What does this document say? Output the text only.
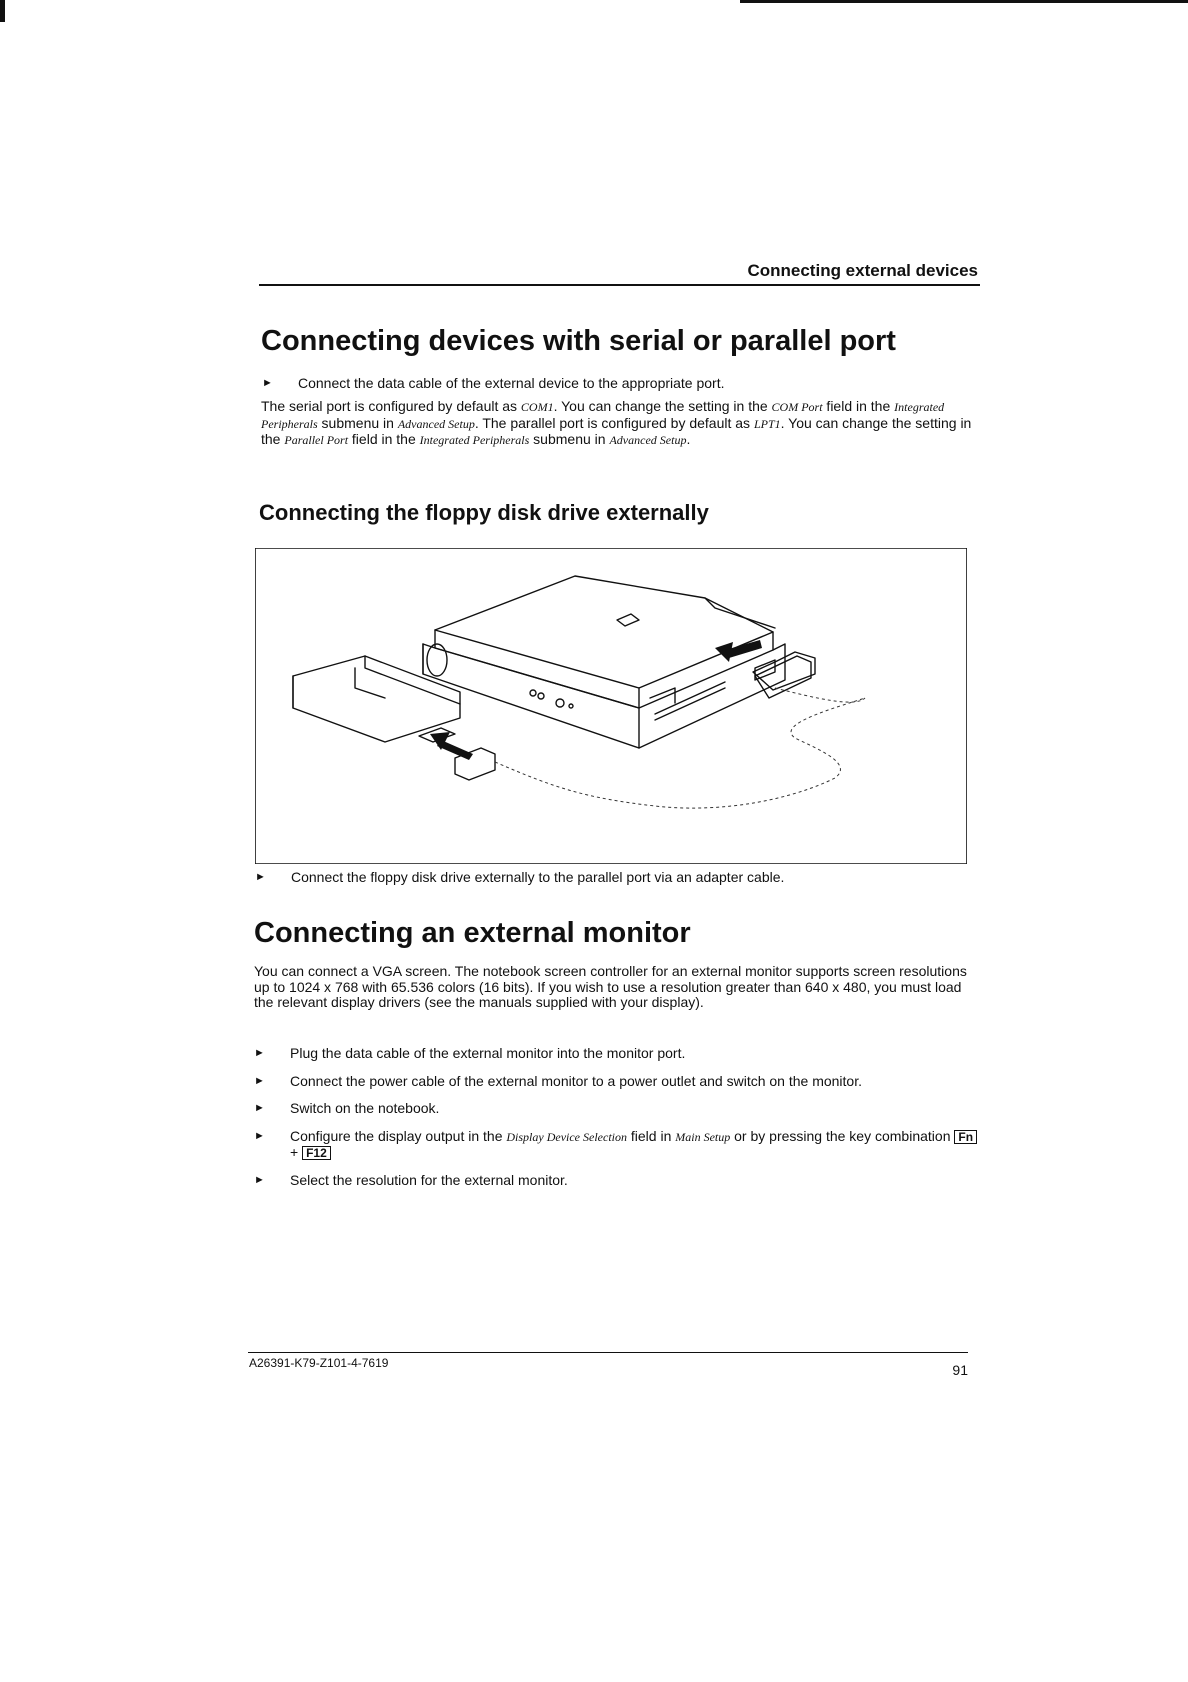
Connecting external devices
Connecting devices with serial or parallel port
► Connect the data cable of the external device to the appropriate port.

The serial port is configured by default as COM1. You can change the setting in the COM Port field in the Integrated Peripherals submenu in Advanced Setup. The parallel port is configured by default as LPT1. You can change the setting in the Parallel Port field in the Integrated Peripherals submenu in Advanced Setup.

Connecting the floppy disk drive externally
► Connect the floppy disk drive externally to the parallel port via an adapter cable.
Connecting an external monitor

You can connect a VGA screen. The notebook screen controller for an external monitor supports screen resolutions up to 1024 x 768 with 65.536 colors (16 bits). If you wish to use a resolution greater than 640 x 480, you must load the relevant display drivers (see the manuals supplied with your display).

► Plug the data cable of the external monitor into the monitor port.
► Connect the power cable of the external monitor to a power outlet and switch on the monitor.
► Switch on the notebook.
► Configure the display output in the Display Device Selection field in Main Setup or by pressing the key combination Fn + F12
► Select the resolution for the external monitor.
A26391-K79-Z101-4-7619	91
